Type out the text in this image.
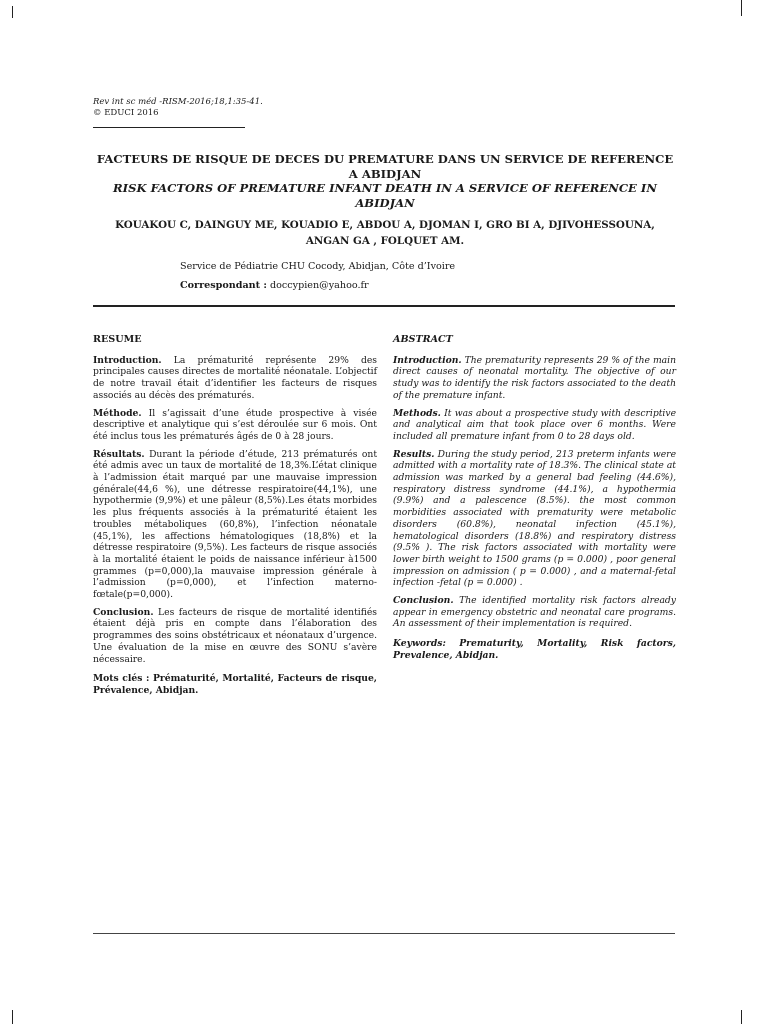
Rev int sc méd -RISM-2016;18,1:35-41.
© EDUCI 2016
FACTEURS DE RISQUE DE DECES DU PREMATURE DANS UN SERVICE DE REFERENCE A ABIDJAN
RISK FACTORS OF PREMATURE INFANT DEATH IN A SERVICE OF REFERENCE IN ABIDJAN
KOUAKOU C, DAINGUY ME, KOUADIO E, ABDOU A, DJOMAN I, GRO BI A, DJIVOHESSOUNA, ANGAN GA , FOLQUET AM.
Service de Pédiatrie CHU Cocody, Abidjan, Côte d’Ivoire
Correspondant : doccypien@yahoo.fr
RESUME

Introduction. La prématurité représente 29% des principales causes directes de mortalité néonatale. L’objectif de notre travail était d’identifier les facteurs de risques associés au décès des prématurés.

Méthode. Il s’agissait d’une étude prospective à visée descriptive et analytique qui s’est déroulée sur 6 mois. Ont été inclus tous les prématurés âgés de 0 à 28 jours.

Résultats. Durant la période d’étude, 213 prématurés ont été admis avec un taux de mortalité de 18,3%.L’état clinique à l’admission était marqué par une mauvaise impression générale(44,6 %), une détresse respiratoire(44,1%), une hypothermie (9,9%) et une pâleur (8,5%).Les états morbides les plus fréquents associés à la prématurité étaient les troubles métaboliques (60,8%), l’infection néonatale (45,1%), les affections hématologiques (18,8%) et la détresse respiratoire (9,5%). Les facteurs de risque associés à la mortalité étaient le poids de naissance inférieur à1500 grammes (p=0,000),la mauvaise impression générale à l’admission (p=0,000), et l’infection materno-fœtale(p=0,000).

Conclusion. Les facteurs de risque de mortalité identifiés étaient déjà pris en compte dans l’élaboration des programmes des soins obstétricaux et néonataux d’urgence. Une évaluation de la mise en œuvre des SONU s’avère nécessaire.

Mots clés : Prématurité, Mortalité, Facteurs de risque, Prévalence, Abidjan.

ABSTRACT

Introduction. The prematurity represents 29 % of the main direct causes of neonatal mortality. The objective of our study was to identify the risk factors associated to the death of the premature infant.

Methods. It was about a prospective study with descriptive and analytical aim that took place over 6 months. Were included all premature infant from 0 to 28 days old.

Results. During the study period, 213 preterm infants were admitted with a mortality rate of 18.3%. The clinical state at admission was marked by a general bad feeling (44.6%), respiratory distress syndrome (44.1%), a hypothermia (9.9%) and a palescence (8.5%). the most common morbidities associated with prematurity were metabolic disorders (60.8%), neonatal infection (45.1%), hematological disorders (18.8%) and respiratory distress (9.5% ). The risk factors associated with mortality were lower birth weight to 1500 grams (p = 0.000) , poor general impression on admission ( p = 0.000) , and a maternal-fetal infection -fetal (p = 0.000) .

Conclusion. The identified mortality risk factors already appear in emergency obstetric and neonatal care programs. An assessment of their implementation is required.

Keywords: Prematurity, Mortality, Risk factors, Prevalence, Abidjan.
